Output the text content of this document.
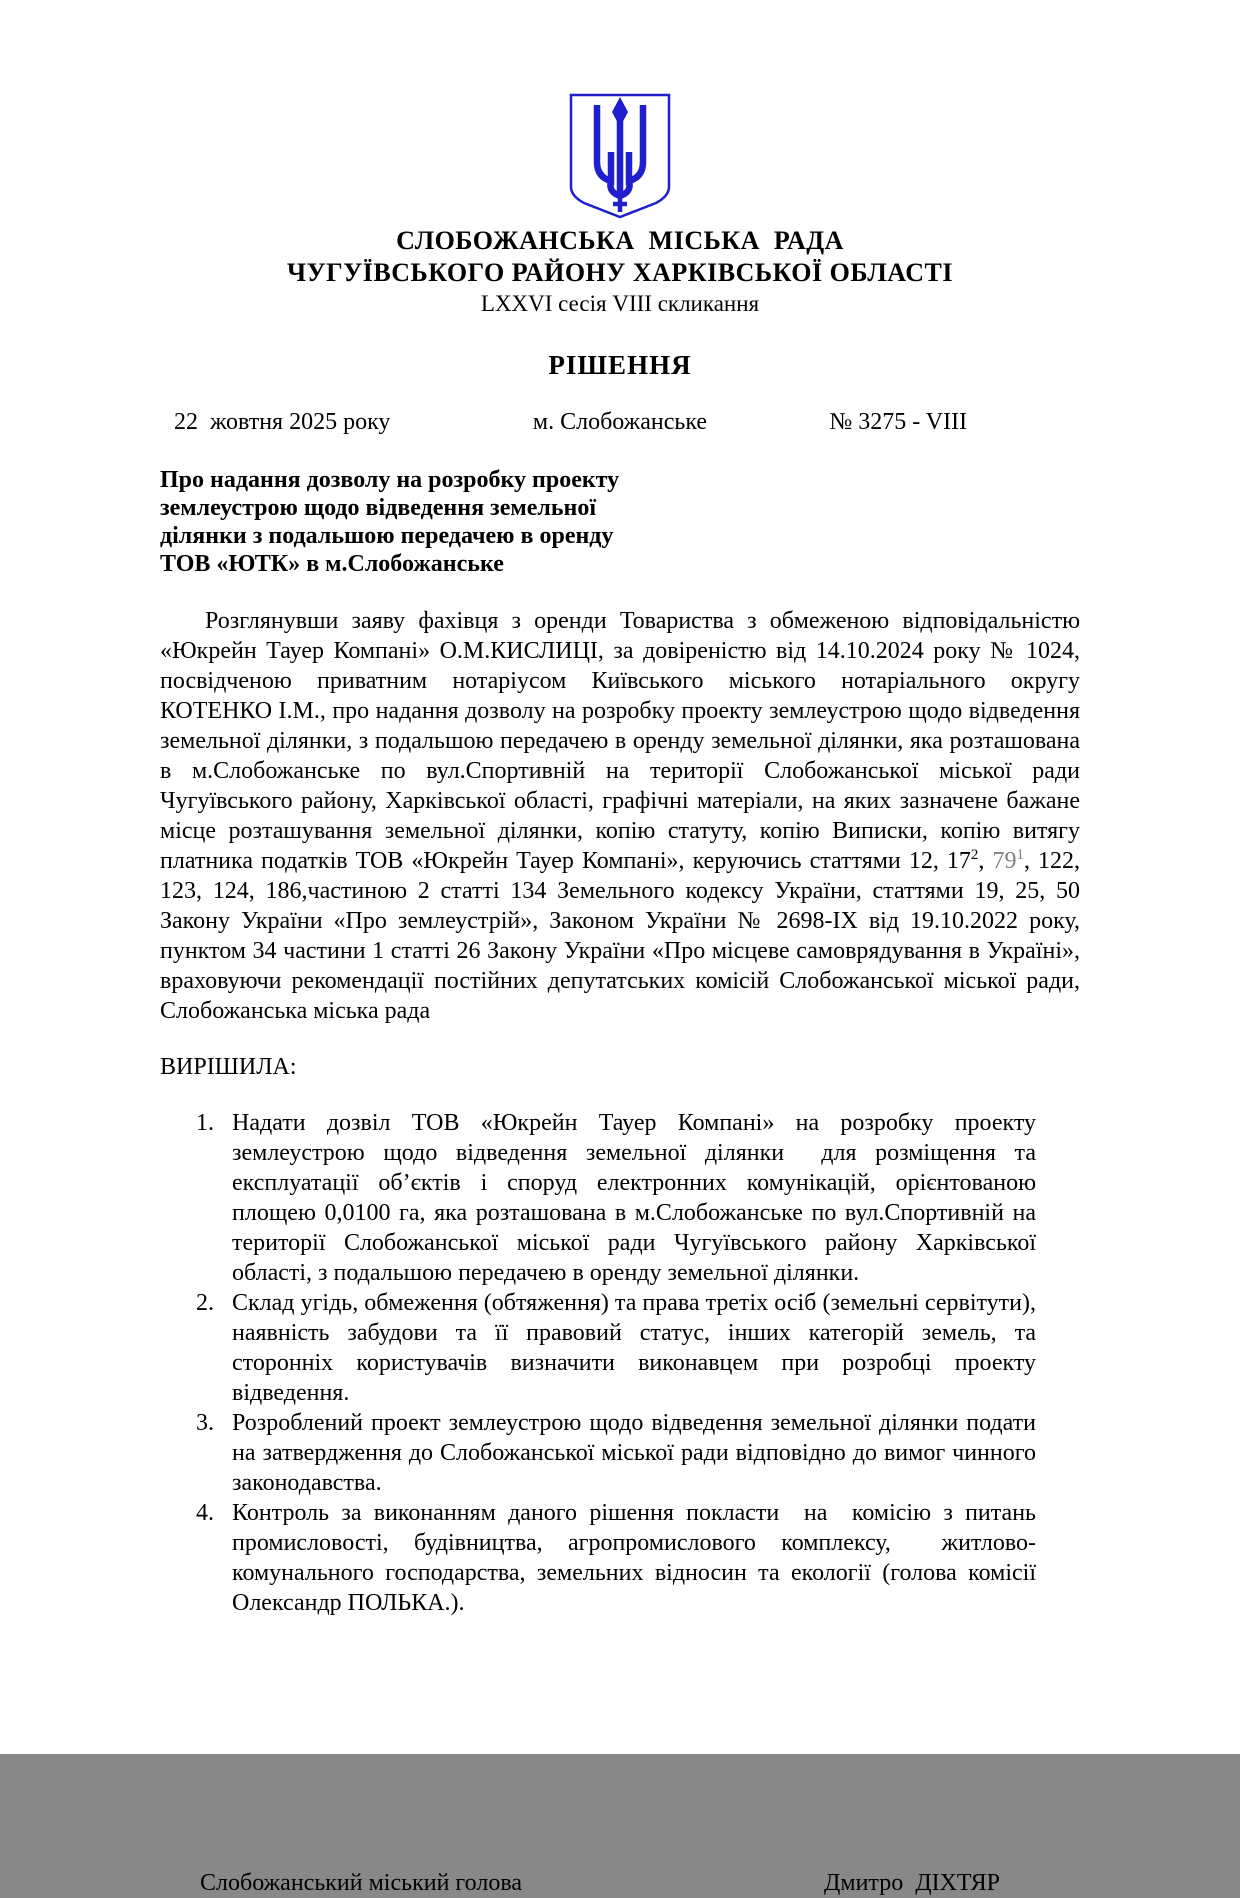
СЛОБОЖАНСЬКА  МІСЬКА  РАДА
ЧУГУЇВСЬКОГО РАЙОНУ ХАРКІВСЬКОЇ ОБЛАСТІ
LXXVI сесія VIII скликання
РІШЕННЯ
22  жовтня 2025 року	м. Слобожанське	№ 3275 - VIII
Про надання дозволу на розробку проекту
землеустрою щодо відведення земельної
ділянки з подальшою передачею в оренду
ТОВ «ЮТК» в м.Слобожанське

Розглянувши заяву фахівця з оренди Товариства з обмеженою відповідальністю «Юкрейн Тауер Компані» О.М.КИСЛИЦІ, за довіреністю від 14.10.2024 року № 1024, посвідченою приватним нотаріусом Київського міського нотаріального округу КОТЕНКО І.М., про надання дозволу на розробку проекту землеустрою щодо відведення земельної ділянки, з подальшою передачею в оренду земельної ділянки, яка розташована в м.Слобожанське по вул.Спортивній на території Слобожанської міської ради Чугуївського району, Харківської області, графічні матеріали, на яких зазначене бажане місце розташування земельної ділянки, копію статуту, копію Виписки, копію витягу платника податків ТОВ «Юкрейн Тауер Компані», керуючись статтями 12, $17^2$, $79^1$, 122, 123, 124, 186,частиною 2 статті 134 Земельного кодексу України, статтями 19, 25, 50 Закону України «Про землеустрій», Законом України № 2698-IX від 19.10.2022 року, пунктом 34 частини 1 статті 26 Закону України «Про місцеве самоврядування в Україні», враховуючи рекомендації постійних депутатських комісій Слобожанської міської ради, Слобожанська міська рада

ВИРІШИЛА:
1. Надати дозвіл ТОВ «Юкрейн Тауер Компані» на розробку проекту землеустрою щодо відведення земельної ділянки  для розміщення та експлуатації об’єктів і споруд електронних комунікацій, орієнтованою площею 0,0100 га, яка розташована в м.Слобожанське по вул.Спортивній на території Слобожанської міської ради Чугуївського району Харківської області, з подальшою передачею в оренду земельної ділянки.
2. Склад угідь, обмеження (обтяження) та права третіх осіб (земельні сервітути), наявність забудови та її правовий статус, інших категорій земель, та сторонніх користувачів визначити виконавцем при розробці проекту відведення.
3. Розроблений проект землеустрою щодо відведення земельної ділянки подати на затвердження до Слобожанської міської ради відповідно до вимог чинного законодавства.
4. Контроль за виконанням даного рішення покласти  на  комісію з питань промисловості, будівництва, агропромислового комплексу,  житлово-комунального господарства, земельних відносин та екології (голова комісії  Олександр ПОЛЬКА.).
Слобожанський міський голова	Дмитро  ДІХТЯР
